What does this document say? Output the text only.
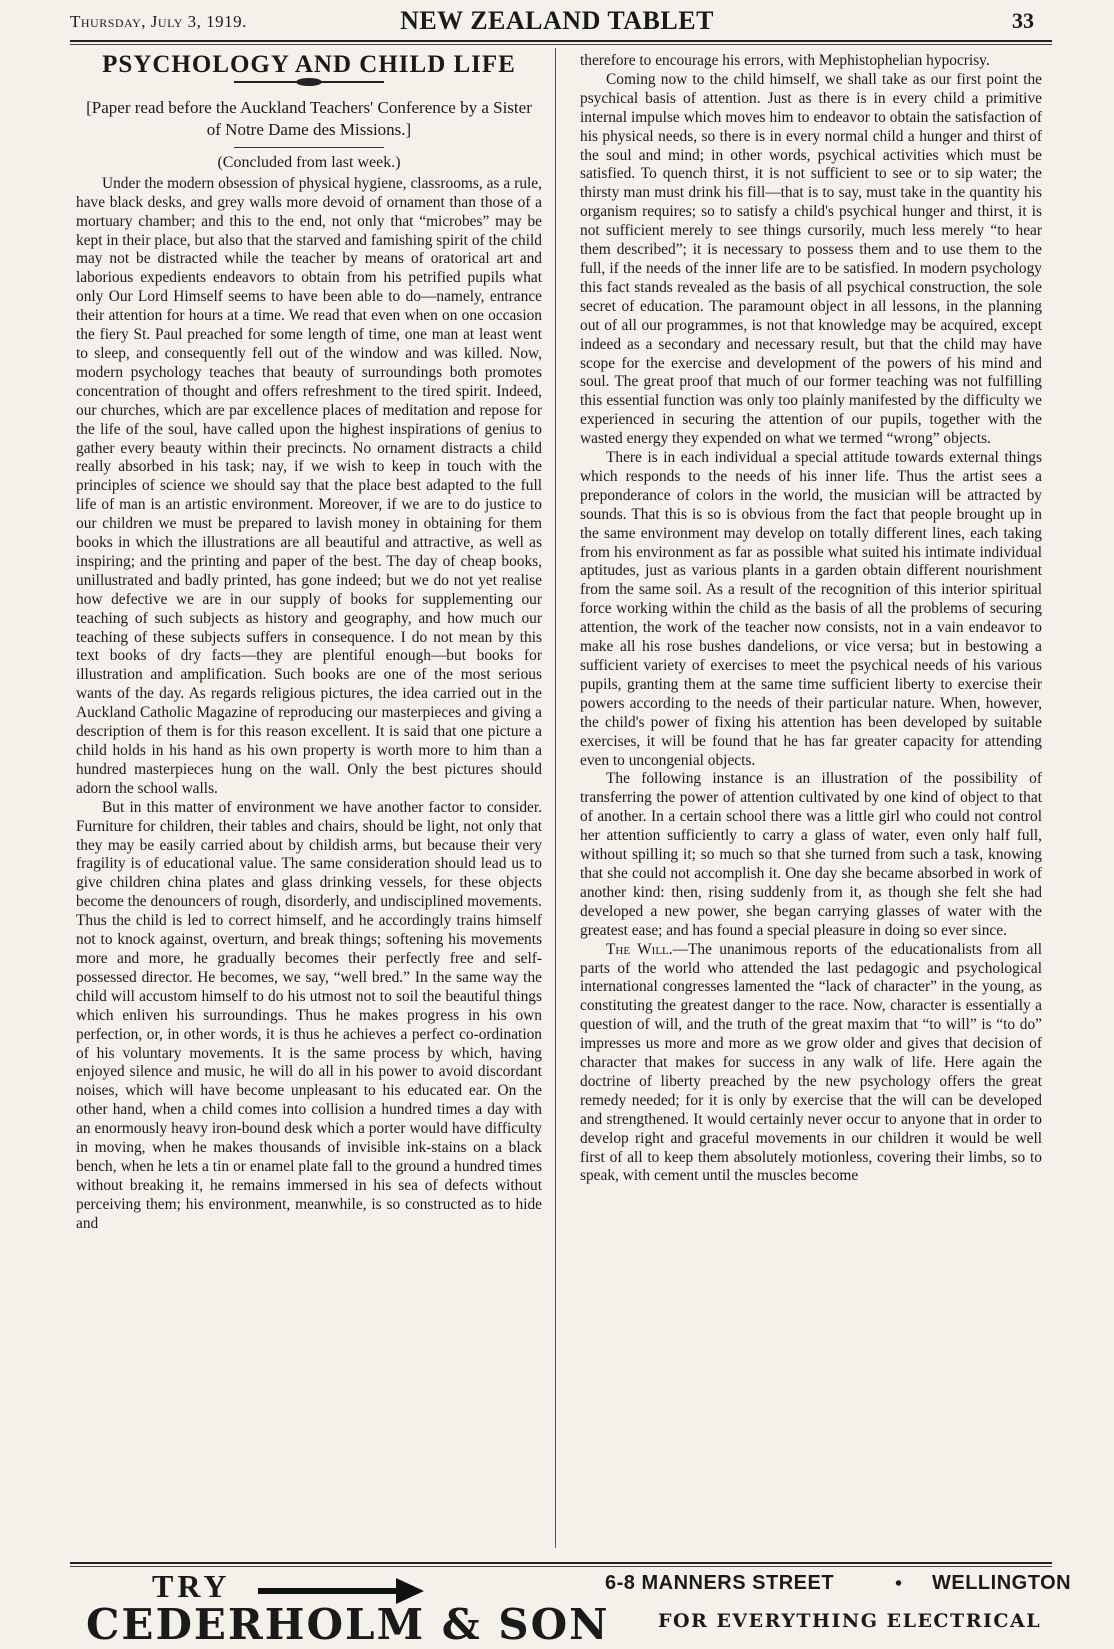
Thursday, July 3, 1919.	NEW ZEALAND TABLET	33
PSYCHOLOGY AND CHILD LIFE
[Paper read before the Auckland Teachers' Conference by a Sister of Notre Dame des Missions.]
(Concluded from last week.)

Under the modern obsession of physical hygiene, classrooms, as a rule, have black desks, and grey walls more devoid of ornament than those of a mortuary chamber; and this to the end, not only that “microbes” may be kept in their place, but also that the starved and famishing spirit of the child may not be distracted while the teacher by means of oratorical art and laborious expedients endeavors to obtain from his petrified pupils what only Our Lord Himself seems to have been able to do—namely, entrance their attention for hours at a time. We read that even when on one occasion the fiery St. Paul preached for some length of time, one man at least went to sleep, and consequently fell out of the window and was killed. Now, modern psychology teaches that beauty of surroundings both promotes concentration of thought and offers refreshment to the tired spirit. Indeed, our churches, which are par excellence places of meditation and repose for the life of the soul, have called upon the highest inspirations of genius to gather every beauty within their precincts. No ornament distracts a child really absorbed in his task; nay, if we wish to keep in touch with the principles of science we should say that the place best adapted to the full life of man is an artistic environment. Moreover, if we are to do justice to our children we must be prepared to lavish money in obtaining for them books in which the illustrations are all beautiful and attractive, as well as inspiring; and the printing and paper of the best. The day of cheap books, unillustrated and badly printed, has gone indeed; but we do not yet realise how defective we are in our supply of books for supplementing our teaching of such subjects as history and geography, and how much our teaching of these subjects suffers in consequence. I do not mean by this text books of dry facts—they are plentiful enough—but books for illustration and amplification. Such books are one of the most serious wants of the day. As regards religious pictures, the idea carried out in the Auckland Catholic Magazine of reproducing our masterpieces and giving a description of them is for this reason excellent. It is said that one picture a child holds in his hand as his own property is worth more to him than a hundred masterpieces hung on the wall. Only the best pictures should adorn the school walls.

But in this matter of environment we have another factor to consider. Furniture for children, their tables and chairs, should be light, not only that they may be easily carried about by childish arms, but because their very fragility is of educational value. The same consideration should lead us to give children china plates and glass drinking vessels, for these objects become the denouncers of rough, disorderly, and undisciplined movements. Thus the child is led to correct himself, and he accordingly trains himself not to knock against, overturn, and break things; softening his movements more and more, he gradually becomes their perfectly free and self-possessed director. He becomes, we say, “well bred.” In the same way the child will accustom himself to do his utmost not to soil the beautiful things which enliven his surroundings. Thus he makes progress in his own perfection, or, in other words, it is thus he achieves a perfect co-ordination of his voluntary movements. It is the same process by which, having enjoyed silence and music, he will do all in his power to avoid discordant noises, which will have become unpleasant to his educated ear. On the other hand, when a child comes into collision a hundred times a day with an enormously heavy iron-bound desk which a porter would have difficulty in moving, when he makes thousands of invisible ink-stains on a black bench, when he lets a tin or enamel plate fall to the ground a hundred times without breaking it, he remains immersed in his sea of defects without perceiving them; his environment, meanwhile, is so constructed as to hide and

therefore to encourage his errors, with Mephistophelian hypocrisy.

Coming now to the child himself, we shall take as our first point the psychical basis of attention. Just as there is in every child a primitive internal impulse which moves him to endeavor to obtain the satisfaction of his physical needs, so there is in every normal child a hunger and thirst of the soul and mind; in other words, psychical activities which must be satisfied. To quench thirst, it is not sufficient to see or to sip water; the thirsty man must drink his fill—that is to say, must take in the quantity his organism requires; so to satisfy a child's psychical hunger and thirst, it is not sufficient merely to see things cursorily, much less merely “to hear them described”; it is necessary to possess them and to use them to the full, if the needs of the inner life are to be satisfied. In modern psychology this fact stands revealed as the basis of all psychical construction, the sole secret of education. The paramount object in all lessons, in the planning out of all our programmes, is not that knowledge may be acquired, except indeed as a secondary and necessary result, but that the child may have scope for the exercise and development of the powers of his mind and soul. The great proof that much of our former teaching was not fulfilling this essential function was only too plainly manifested by the difficulty we experienced in securing the attention of our pupils, together with the wasted energy they expended on what we termed “wrong” objects.

There is in each individual a special attitude towards external things which responds to the needs of his inner life. Thus the artist sees a preponderance of colors in the world, the musician will be attracted by sounds. That this is so is obvious from the fact that people brought up in the same environment may develop on totally different lines, each taking from his environment as far as possible what suited his intimate individual aptitudes, just as various plants in a garden obtain different nourishment from the same soil. As a result of the recognition of this interior spiritual force working within the child as the basis of all the problems of securing attention, the work of the teacher now consists, not in a vain endeavor to make all his rose bushes dandelions, or vice versa; but in bestowing a sufficient variety of exercises to meet the psychical needs of his various pupils, granting them at the same time sufficient liberty to exercise their powers according to the needs of their particular nature. When, however, the child's power of fixing his attention has been developed by suitable exercises, it will be found that he has far greater capacity for attending even to uncongenial objects.

The following instance is an illustration of the possibility of transferring the power of attention cultivated by one kind of object to that of another. In a certain school there was a little girl who could not control her attention sufficiently to carry a glass of water, even only half full, without spilling it; so much so that she turned from such a task, knowing that she could not accomplish it. One day she became absorbed in work of another kind: then, rising suddenly from it, as though she felt she had developed a new power, she began carrying glasses of water with the greatest ease; and has found a special pleasure in doing so ever since.

The Will.—The unanimous reports of the educationalists from all parts of the world who attended the last pedagogic and psychological international congresses lamented the “lack of character” in the young, as constituting the greatest danger to the race. Now, character is essentially a question of will, and the truth of the great maxim that “to will” is “to do” impresses us more and more as we grow older and gives that decision of character that makes for success in any walk of life. Here again the doctrine of liberty preached by the new psychology offers the great remedy needed; for it is only by exercise that the will can be developed and strengthened. It would certainly never occur to anyone that in order to develop right and graceful movements in our children it would be well first of all to keep them absolutely motionless, covering their limbs, so to speak, with cement until the muscles become

TRY
CEDERHOLM & SON
6-8 MANNERS STREET	• WELLINGTON
FOR EVERYTHING ELECTRICAL
